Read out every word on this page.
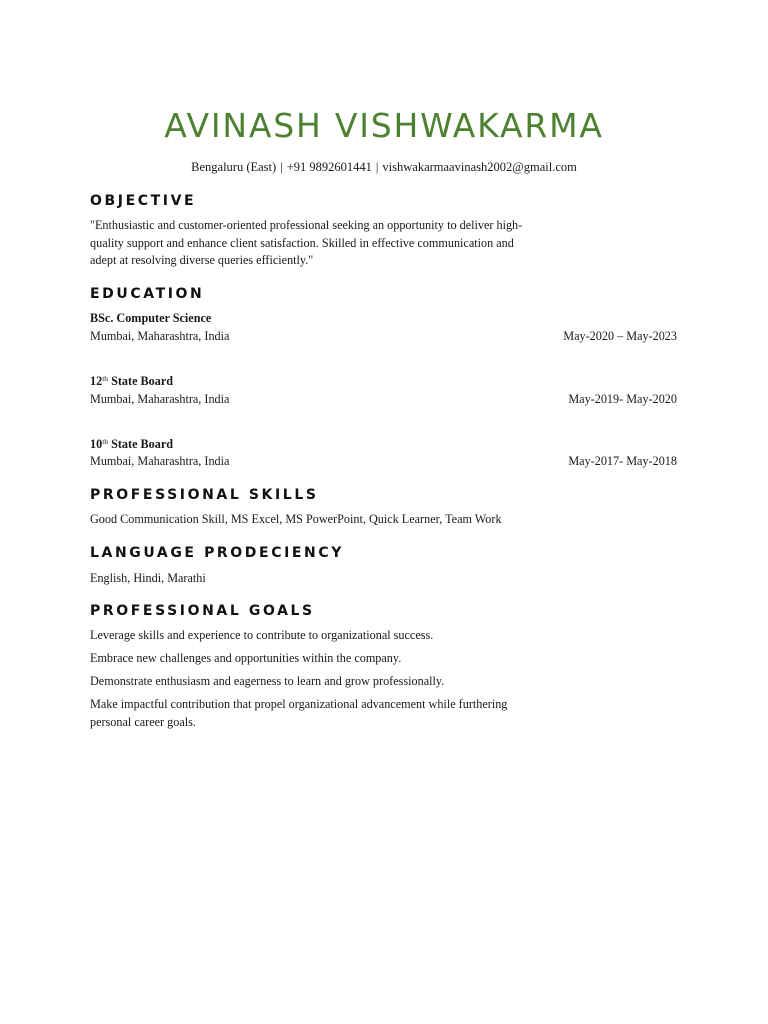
AVINASH VISHWAKARMA
Bengaluru (East) | +91 9892601441 | vishwakarmaavinash2002@gmail.com
OBJECTIVE

"Enthusiastic and customer-oriented professional seeking an opportunity to deliver high-quality support and enhance client satisfaction. Skilled in effective communication and adept at resolving diverse queries efficiently."

EDUCATION
BSc. Computer Science
Mumbai, Maharashtra, India	May-2020 – May-2023
12th State Board
Mumbai, Maharashtra, India	May-2019- May-2020
10th State Board
Mumbai, Maharashtra, India	May-2017- May-2018
PROFESSIONAL SKILLS
Good Communication Skill, MS Excel, MS PowerPoint, Quick Learner, Team Work
LANGUAGE PRODECIENCY
English, Hindi, Marathi
PROFESSIONAL GOALS
Leverage skills and experience to contribute to organizational success.
Embrace new challenges and opportunities within the company.
Demonstrate enthusiasm and eagerness to learn and grow professionally.
Make impactful contribution that propel organizational advancement while furthering personal career goals.
